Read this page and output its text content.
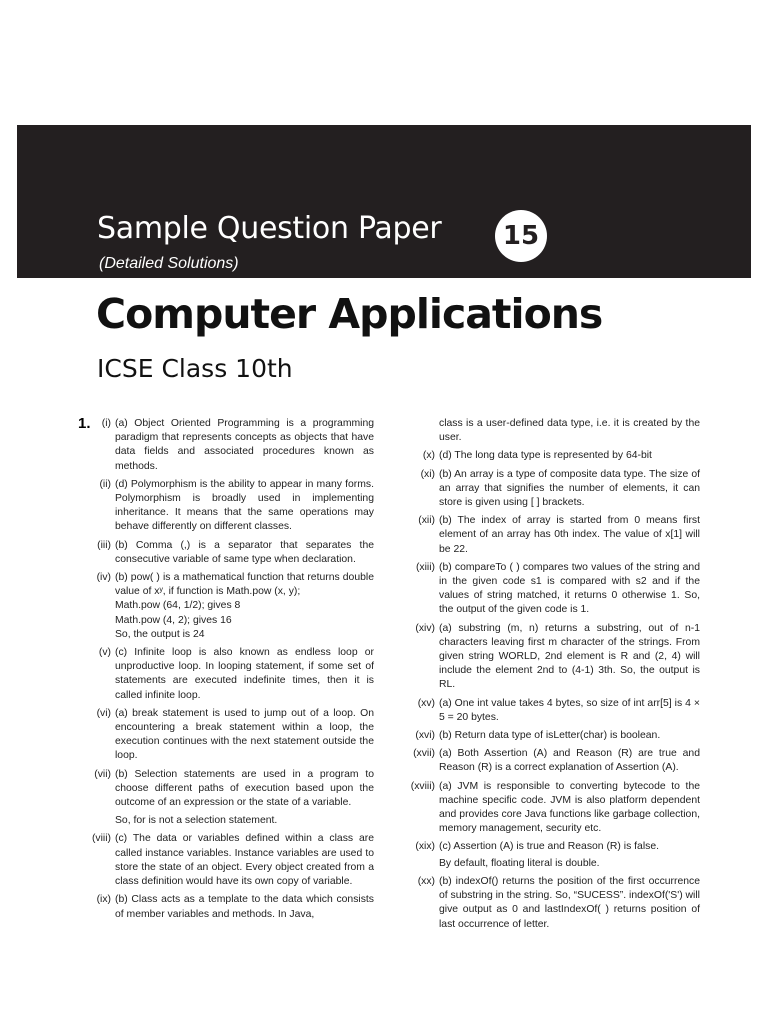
Sample Question Paper	15
(Detailed Solutions)
Computer Applications
ICSE Class 10th
1.	(i) (a) Object Oriented Programming is a programming paradigm that represents concepts as objects that have data fields and associated procedures known as methods.
(ii) (d) Polymorphism is the ability to appear in many forms. Polymorphism is broadly used in implementing inheritance. It means that the same operations may behave differently on different classes.
(iii) (b) Comma (,) is a separator that separates the consecutive variable of same type when declaration.
(iv) (b) pow( ) is a mathematical function that returns double value of xʸ, if function is Math.pow (x, y);
Math.pow (64, 1/2); gives 8
Math.pow (4, 2); gives 16
So, the output is 24
(v) (c) Infinite loop is also known as endless loop or unproductive loop. In looping statement, if some set of statements are executed indefinite times, then it is called infinite loop.
(vi) (a) break statement is used to jump out of a loop. On encountering a break statement within a loop, the execution continues with the next statement outside the loop.
(vii) (b) Selection statements are used in a program to choose different paths of execution based upon the outcome of an expression or the state of a variable.
So, for is not a selection statement.
(viii) (c) The data or variables defined within a class are called instance variables. Instance variables are used to store the state of an object. Every object created from a class definition would have its own copy of variable.
(ix) (b) Class acts as a template to the data which consists of member variables and methods. In Java,
class is a user-defined data type, i.e. it is created by the user.
(x) (d) The long data type is represented by 64-bit
(xi) (b) An array is a type of composite data type. The size of an array that signifies the number of elements, it can store is given using [ ] brackets.
(xii) (b) The index of array is started from 0 means first element of an array has 0th index. The value of x[1] will be 22.
(xiii) (b) compareTo ( ) compares two values of the string and in the given code s1 is compared with s2 and if the values of string matched, it returns 0 otherwise 1. So, the output of the given code is 1.
(xiv) (a) substring (m, n) returns a substring, out of n-1 characters leaving first m character of the strings. From given string WORLD, 2nd element is R and (2, 4) will include the element 2nd to (4-1) 3th. So, the output is RL.
(xv) (a) One int value takes 4 bytes, so size of int arr[5] is 4 × 5 = 20 bytes.
(xvi) (b) Return data type of isLetter(char) is boolean.
(xvii) (a) Both Assertion (A) and Reason (R) are true and Reason (R) is a correct explanation of Assertion (A).
(xviii) (a) JVM is responsible to converting bytecode to the machine specific code. JVM is also platform dependent and provides core Java functions like garbage collection, memory management, security etc.
(xix) (c) Assertion (A) is true and Reason (R) is false.
By default, floating literal is double.
(xx) (b) indexOf() returns the position of the first occurrence of substring in the string. So, “SUCESS”. indexOf('S') will give output as 0 and lastIndexOf( ) returns position of last occurrence of letter.
